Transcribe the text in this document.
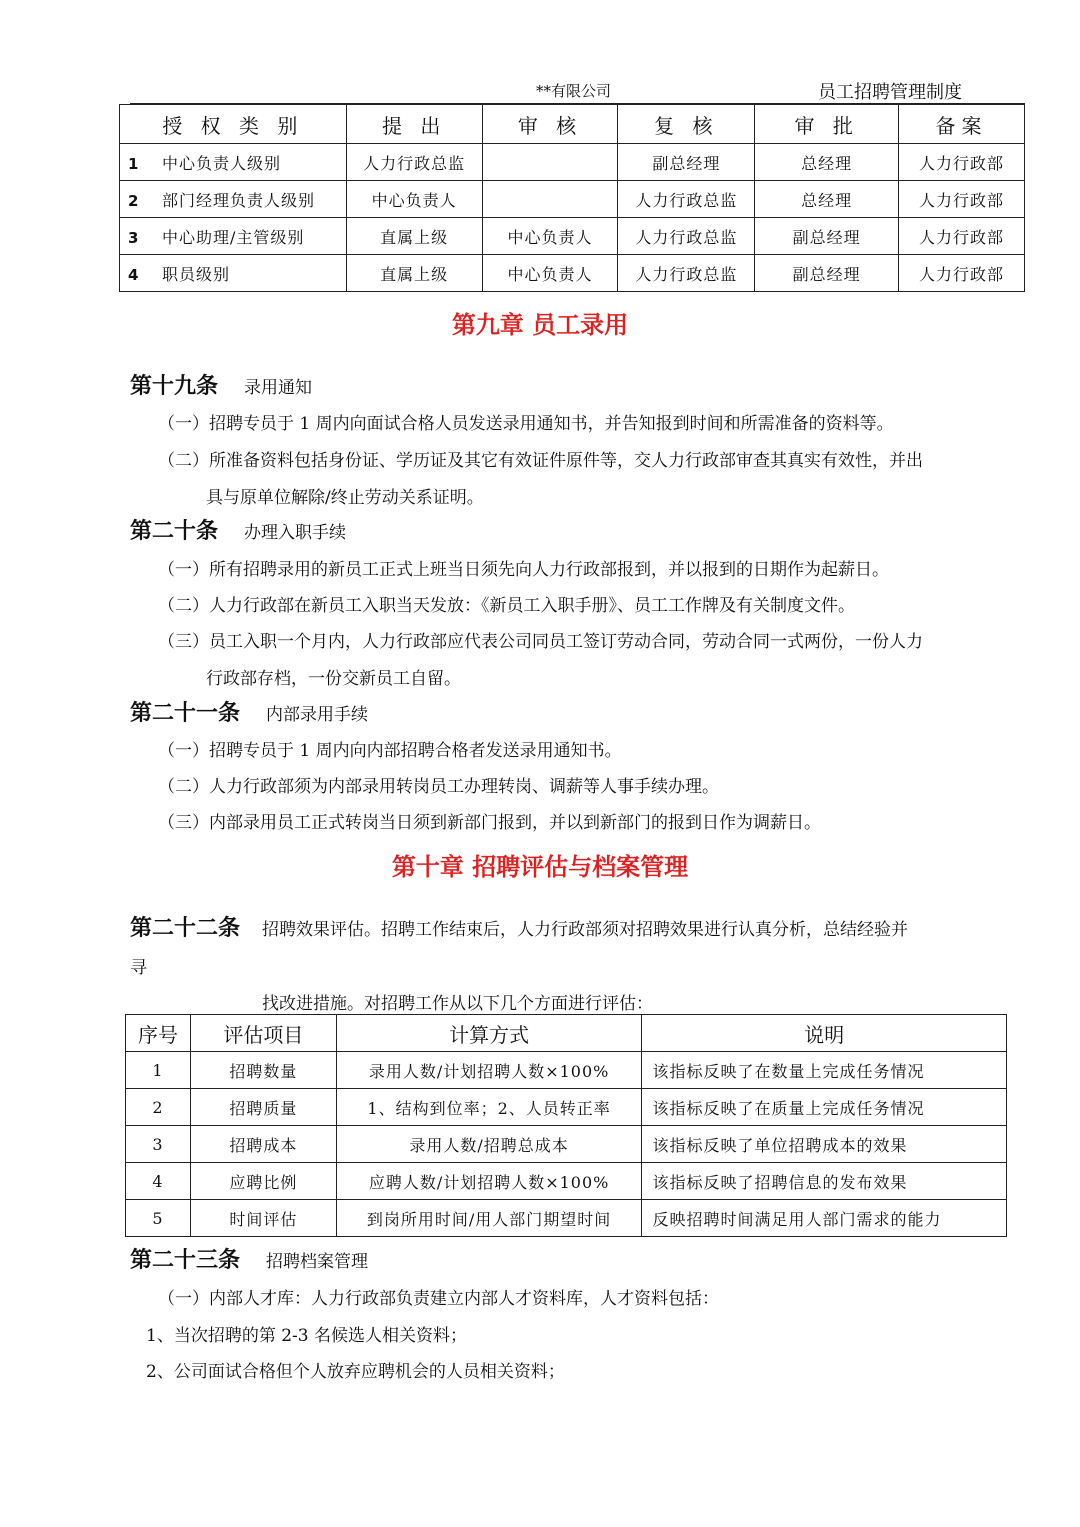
**有限公司	员工招聘管理制度
授 权 类 别	提 出	审 核	复 核	审 批	备案
1 中心负责人级别	人力行政总监		副总经理	总经理	人力行政部
2 部门经理负责人级别	中心负责人		人力行政总监	总经理	人力行政部
3 中心助理/主管级别	直属上级	中心负责人	人力行政总监	副总经理	人力行政部
4 职员级别	直属上级	中心负责人	人力行政总监	副总经理	人力行政部
第九章 员工录用
第十九条 录用通知
（一）招聘专员于 1 周内向面试合格人员发送录用通知书，并告知报到时间和所需准备的资料等。
（二）所准备资料包括身份证、学历证及其它有效证件原件等，交人力行政部审查其真实有效性，并出
具与原单位解除/终止劳动关系证明。
第二十条 办理入职手续
（一）所有招聘录用的新员工正式上班当日须先向人力行政部报到，并以报到的日期作为起薪日。
（二）人力行政部在新员工入职当天发放：《新员工入职手册》、员工工作牌及有关制度文件。
（三）员工入职一个月内，人力行政部应代表公司同员工签订劳动合同，劳动合同一式两份，一份人力
行政部存档，一份交新员工自留。
第二十一条 内部录用手续
（一）招聘专员于 1 周内向内部招聘合格者发送录用通知书。
（二）人力行政部须为内部录用转岗员工办理转岗、调薪等人事手续办理。
（三）内部录用员工正式转岗当日须到新部门报到，并以到新部门的报到日作为调薪日。
第十章 招聘评估与档案管理
第二十二条 招聘效果评估。招聘工作结束后，人力行政部须对招聘效果进行认真分析，总结经验并
寻
找改进措施。对招聘工作从以下几个方面进行评估：
序号	评估项目	计算方式	说明
1	招聘数量	录用人数/计划招聘人数×100%	该指标反映了在数量上完成任务情况
2	招聘质量	1、结构到位率；2、人员转正率	该指标反映了在质量上完成任务情况
3	招聘成本	录用人数/招聘总成本	该指标反映了单位招聘成本的效果
4	应聘比例	应聘人数/计划招聘人数×100%	该指标反映了招聘信息的发布效果
5	时间评估	到岗所用时间/用人部门期望时间	反映招聘时间满足用人部门需求的能力
第二十三条 招聘档案管理
（一）内部人才库：人力行政部负责建立内部人才资料库，人才资料包括：
1、当次招聘的第 2-3 名候选人相关资料；
2、公司面试合格但个人放弃应聘机会的人员相关资料；
